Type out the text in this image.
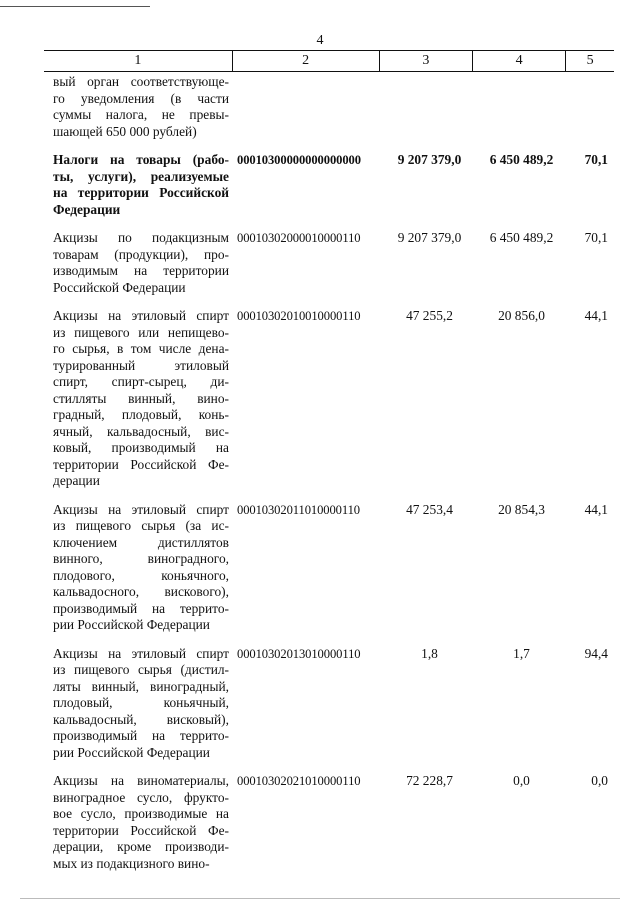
4
1	2	3	4	5
вый орган соответствующе-
го уведомления (в части
суммы налога, не превы-
шающей 650 000 рублей)
Налоги на товары (рабо-
ты, услуги), реализуемые
на территории Российской
Федерации
00010300000000000000	9 207 379,0	6 450 489,2	70,1
Акцизы по подакцизным
товарам (продукции), про-
изводимым на территории
Российской Федерации
00010302000010000110	9 207 379,0	6 450 489,2	70,1
Акцизы на этиловый спирт
из пищевого или непищево-
го сырья, в том числе дена-
турированный этиловый
спирт, спирт-сырец, ди-
стилляты винный, вино-
градный, плодовый, конь-
ячный, кальвадосный, вис-
ковый, производимый на
территории Российской Фе-
дерации
00010302010010000110	47 255,2	20 856,0	44,1
Акцизы на этиловый спирт
из пищевого сырья (за ис-
ключением дистиллятов
винного, виноградного,
плодового, коньячного,
кальвадосного, вискового),
производимый на террито-
рии Российской Федерации
00010302011010000110	47 253,4	20 854,3	44,1
Акцизы на этиловый спирт
из пищевого сырья (дистил-
ляты винный, виноградный,
плодовый, коньячный,
кальвадосный, висковый),
производимый на террито-
рии Российской Федерации
00010302013010000110	1,8	1,7	94,4
Акцизы на виноматериалы,
виноградное сусло, фрукто-
вое сусло, производимые на
территории Российской Фе-
дерации, кроме производи-
мых из подакцизного вино-
00010302021010000110	72 228,7	0,0	0,0
